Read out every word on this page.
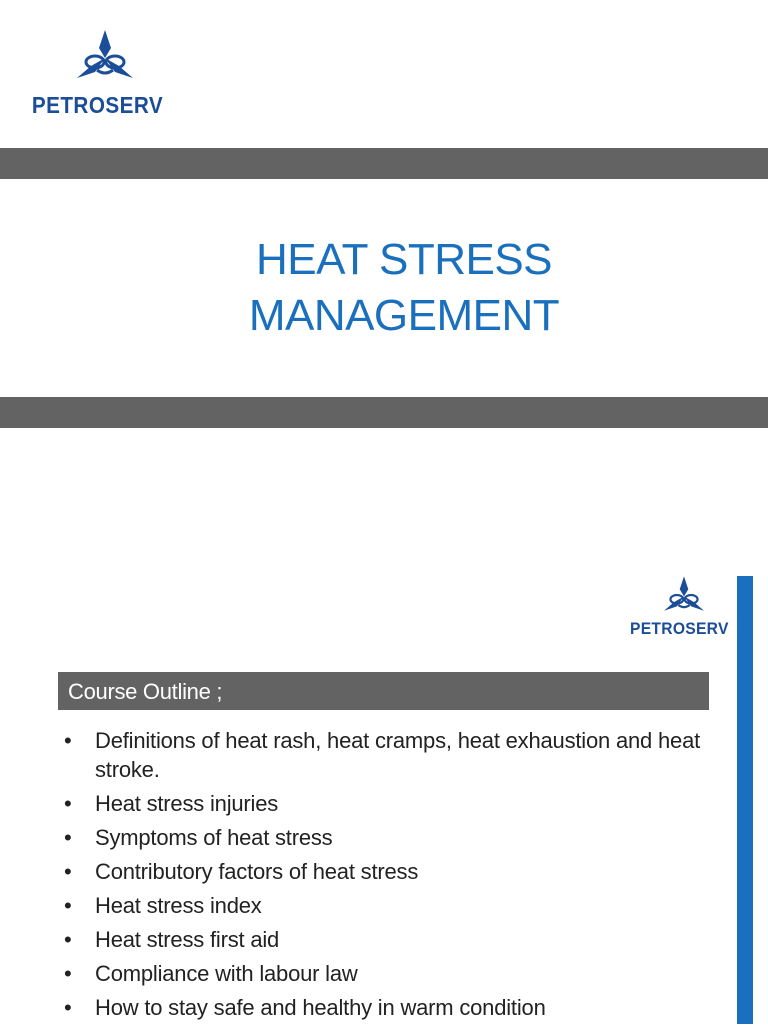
PETROSERV
HEAT STRESS
MANAGEMENT
PETROSERV
Course Outline ;
• Definitions of heat rash, heat cramps, heat exhaustion and heat stroke.
• Heat stress injuries
• Symptoms of heat stress
• Contributory factors of heat stress
• Heat stress index
• Heat stress first aid
• Compliance with labour law
• How to stay safe and healthy in warm condition
